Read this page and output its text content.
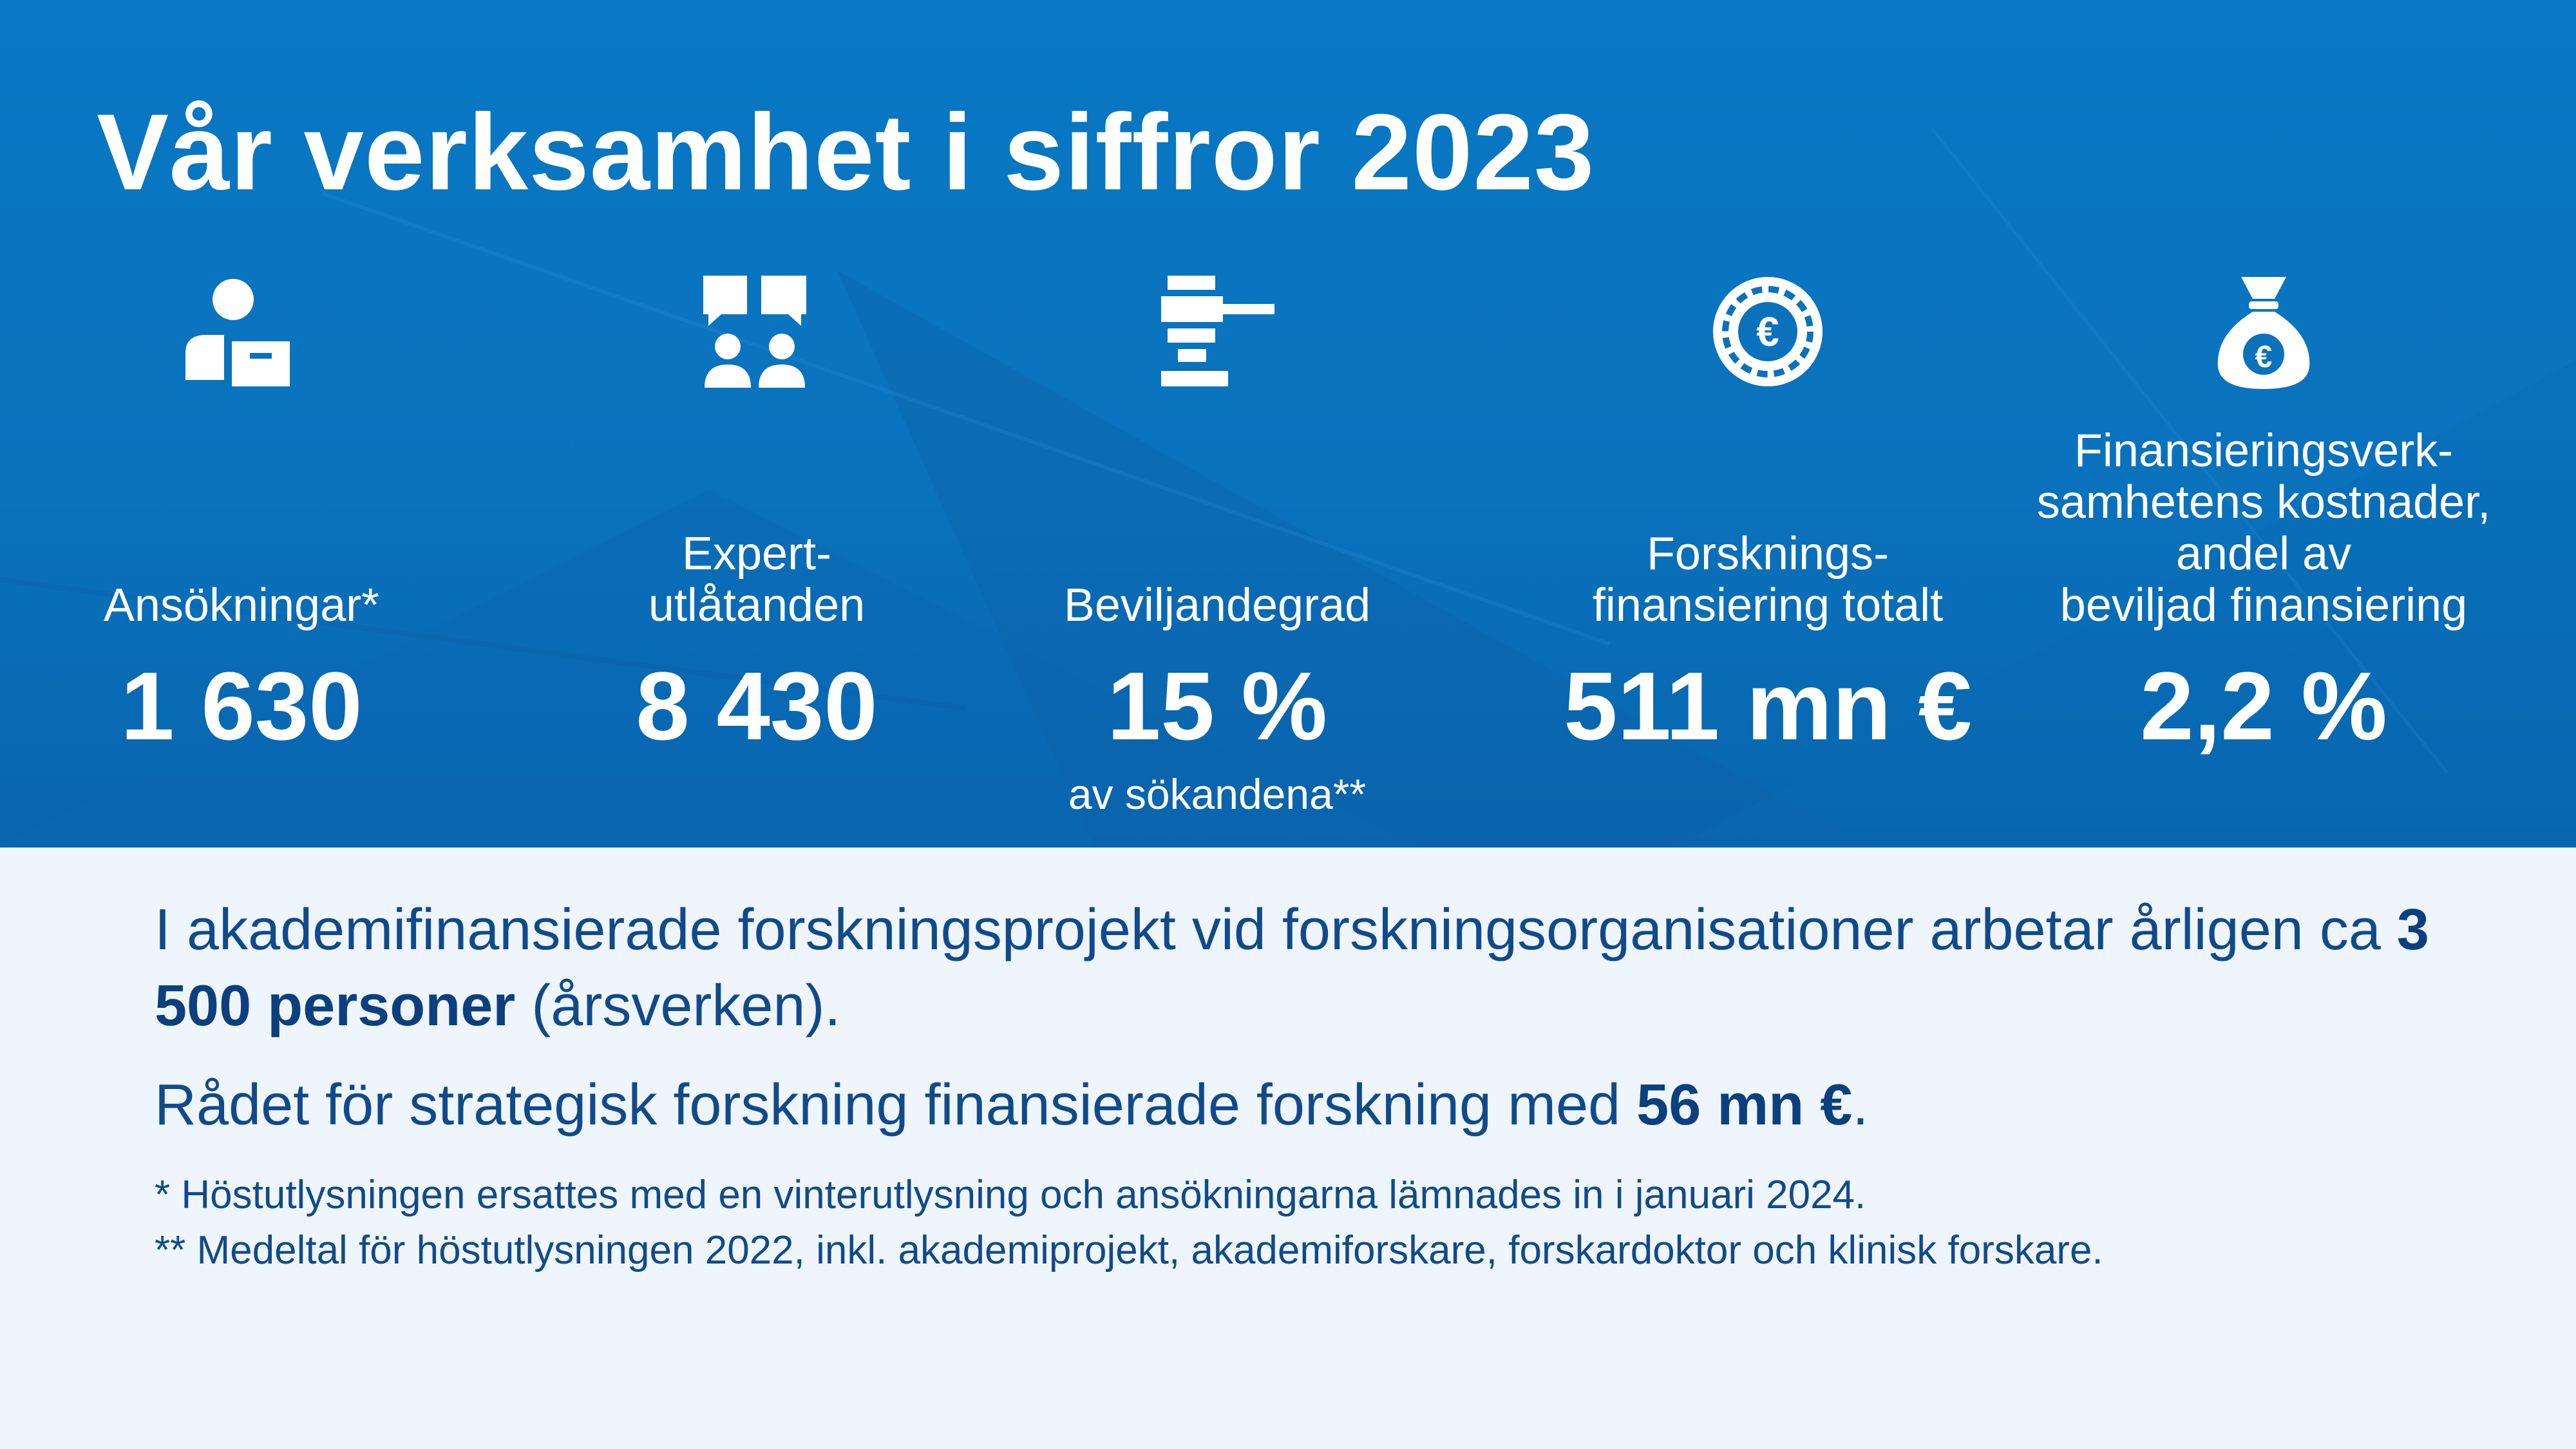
Vår verksamhet i siffror 2023
Ansökningar*
1 630
Expert-
utlåtanden
8 430
Beviljandegrad
15 %
av sökandena**
€
Forsknings-
finansiering totalt
511 mn €
€
Finansieringsverk-
samhetens kostnader,
andel av
beviljad finansiering
2,2 %

I akademifinansierade forskningsprojekt vid forskningsorganisationer arbetar årligen ca 3 500 personer (årsverken).

Rådet för strategisk forskning finansierade forskning med 56 mn €.

* Höstutlysningen ersattes med en vinterutlysning och ansökningarna lämnades in i januari 2024.
** Medeltal för höstutlysningen 2022, inkl. akademiprojekt, akademiforskare, forskardoktor och klinisk forskare.
